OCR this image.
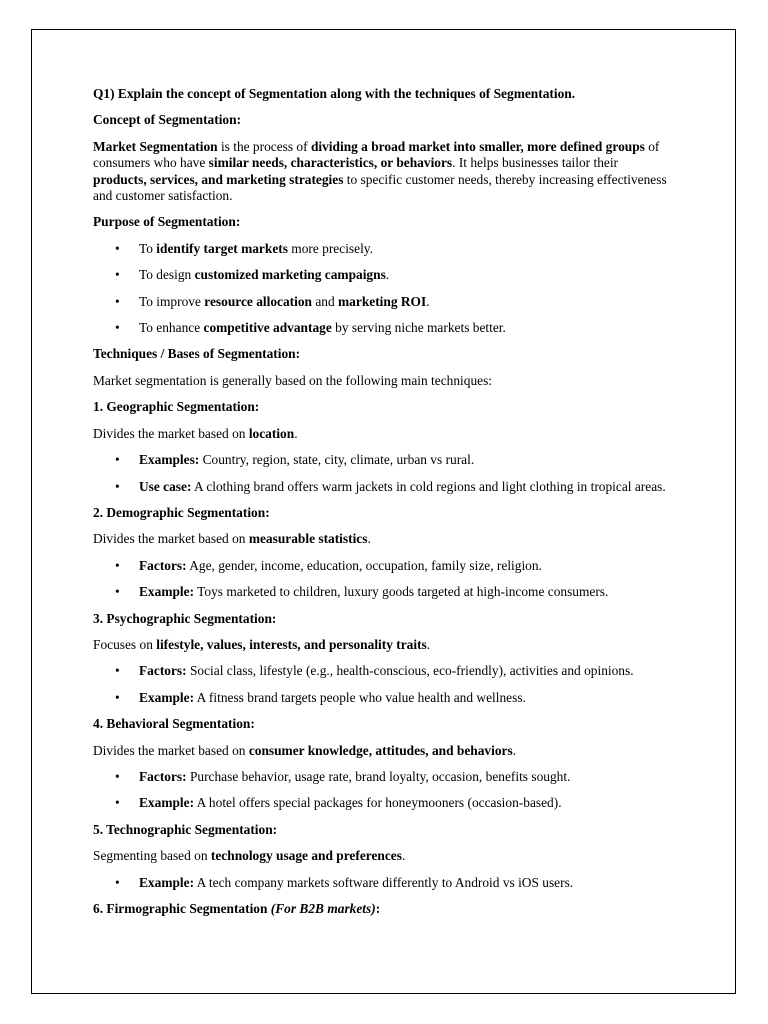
Q1) Explain the concept of Segmentation along with the techniques of Segmentation.

Concept of Segmentation:

Market Segmentation is the process of dividing a broad market into smaller, more defined groups of consumers who have similar needs, characteristics, or behaviors. It helps businesses tailor their products, services, and marketing strategies to specific customer needs, thereby increasing effectiveness and customer satisfaction.

Purpose of Segmentation:

• To identify target markets more precisely.
• To design customized marketing campaigns.
• To improve resource allocation and marketing ROI.
• To enhance competitive advantage by serving niche markets better.

Techniques / Bases of Segmentation:

Market segmentation is generally based on the following main techniques:

1. Geographic Segmentation:

Divides the market based on location.

• Examples: Country, region, state, city, climate, urban vs rural.
• Use case: A clothing brand offers warm jackets in cold regions and light clothing in tropical areas.

2. Demographic Segmentation:

Divides the market based on measurable statistics.

• Factors: Age, gender, income, education, occupation, family size, religion.
• Example: Toys marketed to children, luxury goods targeted at high-income consumers.

3. Psychographic Segmentation:

Focuses on lifestyle, values, interests, and personality traits.

• Factors: Social class, lifestyle (e.g., health-conscious, eco-friendly), activities and opinions.
• Example: A fitness brand targets people who value health and wellness.

4. Behavioral Segmentation:

Divides the market based on consumer knowledge, attitudes, and behaviors.

• Factors: Purchase behavior, usage rate, brand loyalty, occasion, benefits sought.
• Example: A hotel offers special packages for honeymooners (occasion-based).

5. Technographic Segmentation:

Segmenting based on technology usage and preferences.

• Example: A tech company markets software differently to Android vs iOS users.

6. Firmographic Segmentation (For B2B markets):
